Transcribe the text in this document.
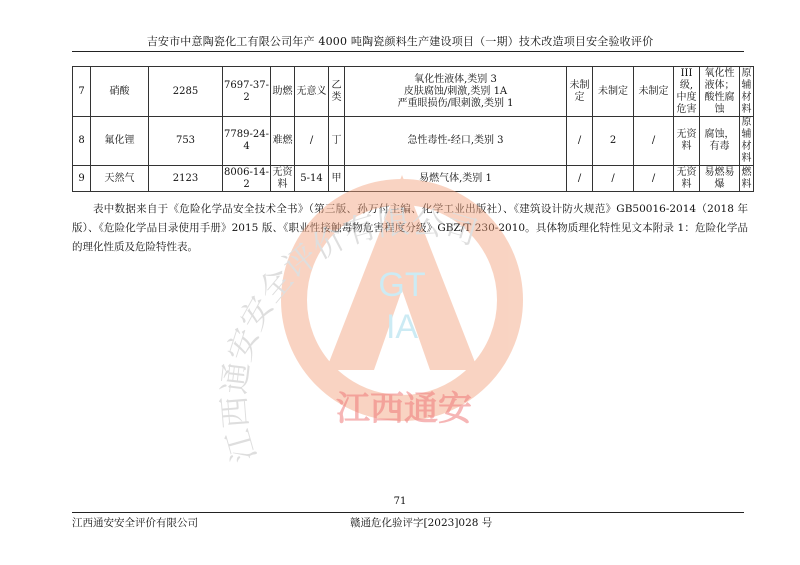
吉安市中意陶瓷化工有限公司年产 4000 吨陶瓷颜料生产建设项目（一期）技术改造项目安全验收评价
7	硝酸	2285	7697-37-2	助燃	无意义	乙类	氧化性液体,类别 3
皮肤腐蚀/刺激,类别 1A
严重眼损伤/眼刺激,类别 1	未制定	未制定	未制定	III级,中度危害	氧化性液体；酸性腐蚀	原辅材料
8	氟化锂	753	7789-24-4	难燃	/	丁	急性毒性-经口,类别 3	/	2	/	无资料	腐蚀，有毒	原辅材料
9	天然气	2123	8006-14-2	无资料	5-14	甲	易燃气体,类别 1	/	/	/	无资料	易燃易爆	燃料

表中数据来自于《危险化学品安全技术全书》（第三版、孙万付主编、化学工业出版社）、《建筑设计防火规范》GB50016-2014（2018 年版）、《危险化学品目录使用手册》2015 版、《职业性接触毒物危害程度分级》GBZ/T 230-2010。具体物质理化特性见文本附录 1：危险化学品的理化性质及危险特性表。

GT
IA
江西通安安全评价有限公司
江西通安
71
江西通安安全评价有限公司	赣通危化验评字[2023]028 号
